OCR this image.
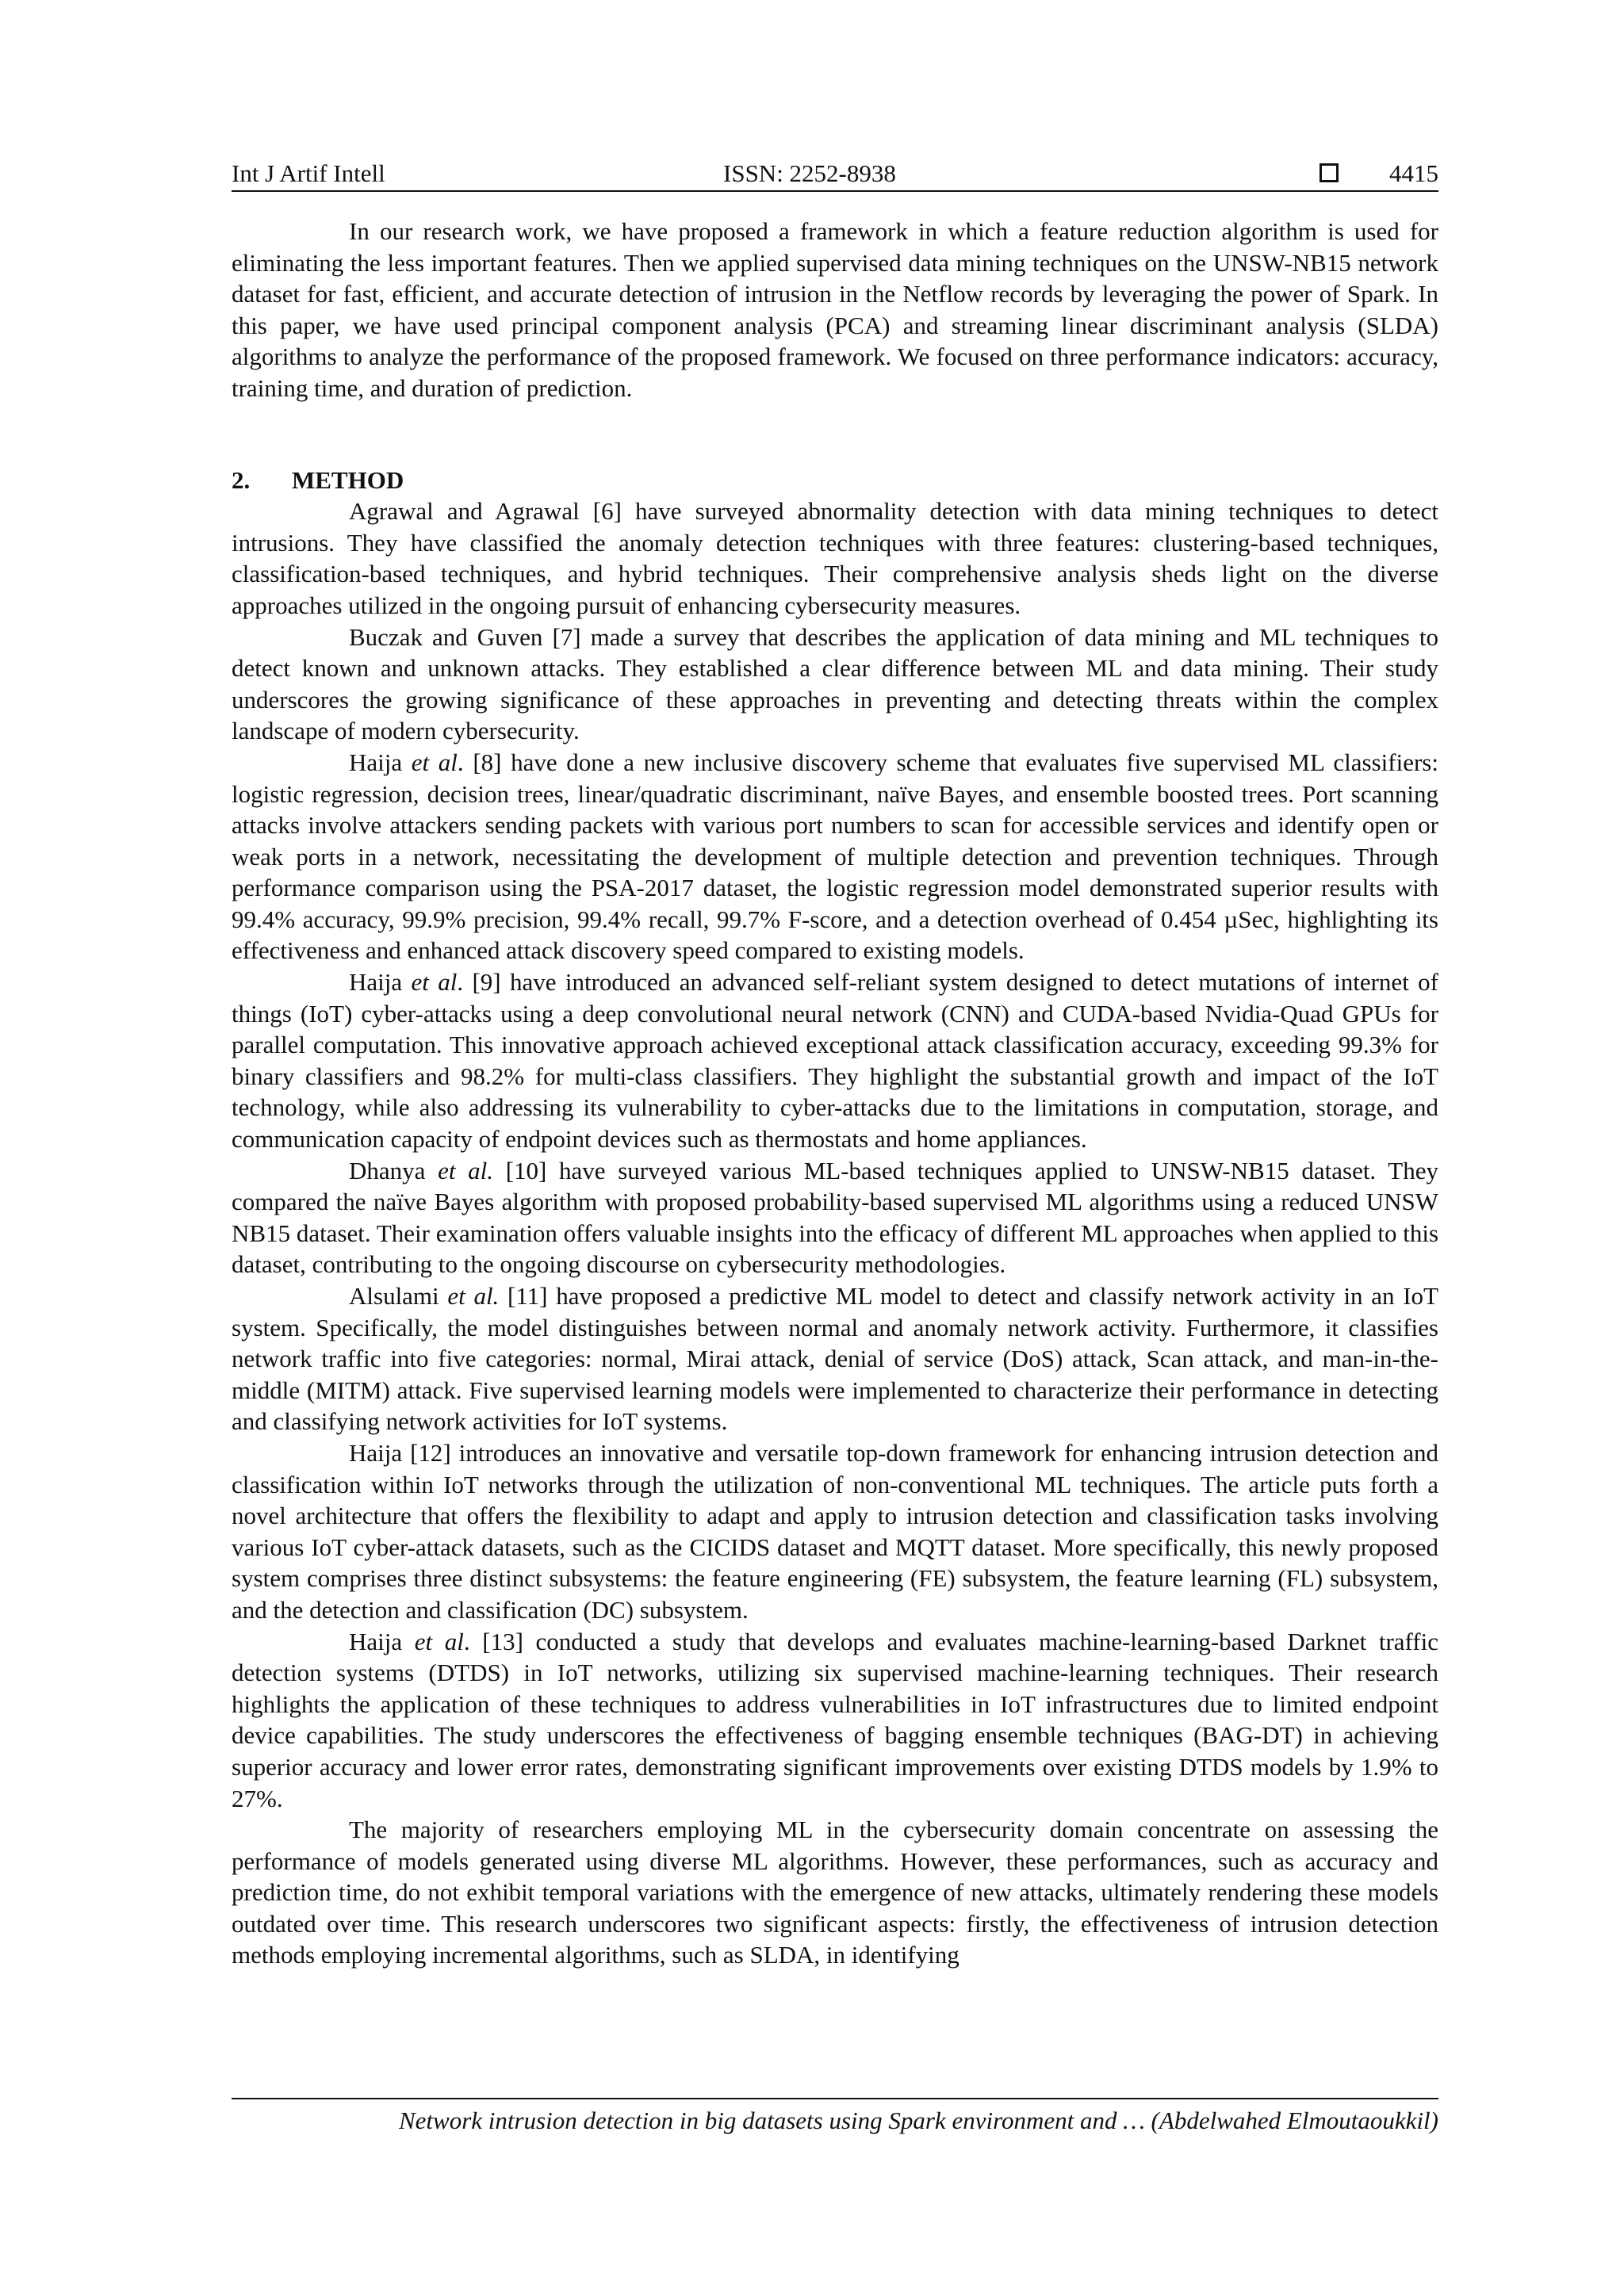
Int J Artif Intell	ISSN: 2252-8938	4415

In our research work, we have proposed a framework in which a feature reduction algorithm is used for eliminating the less important features. Then we applied supervised data mining techniques on the UNSW-NB15 network dataset for fast, efficient, and accurate detection of intrusion in the Netflow records by leveraging the power of Spark. In this paper, we have used principal component analysis (PCA) and streaming linear discriminant analysis (SLDA) algorithms to analyze the performance of the proposed framework. We focused on three performance indicators: accuracy, training time, and duration of prediction.

2. METHOD

Agrawal and Agrawal [6] have surveyed abnormality detection with data mining techniques to detect intrusions. They have classified the anomaly detection techniques with three features: clustering-based techniques, classification-based techniques, and hybrid techniques. Their comprehensive analysis sheds light on the diverse approaches utilized in the ongoing pursuit of enhancing cybersecurity measures.

Buczak and Guven [7] made a survey that describes the application of data mining and ML techniques to detect known and unknown attacks. They established a clear difference between ML and data mining. Their study underscores the growing significance of these approaches in preventing and detecting threats within the complex landscape of modern cybersecurity.

Haija et al. [8] have done a new inclusive discovery scheme that evaluates five supervised ML classifiers: logistic regression, decision trees, linear/quadratic discriminant, naïve Bayes, and ensemble boosted trees. Port scanning attacks involve attackers sending packets with various port numbers to scan for accessible services and identify open or weak ports in a network, necessitating the development of multiple detection and prevention techniques. Through performance comparison using the PSA-2017 dataset, the logistic regression model demonstrated superior results with 99.4% accuracy, 99.9% precision, 99.4% recall, 99.7% F-score, and a detection overhead of 0.454 µSec, highlighting its effectiveness and enhanced attack discovery speed compared to existing models.

Haija et al. [9] have introduced an advanced self-reliant system designed to detect mutations of internet of things (IoT) cyber-attacks using a deep convolutional neural network (CNN) and CUDA-based Nvidia-Quad GPUs for parallel computation. This innovative approach achieved exceptional attack classification accuracy, exceeding 99.3% for binary classifiers and 98.2% for multi-class classifiers. They highlight the substantial growth and impact of the IoT technology, while also addressing its vulnerability to cyber-attacks due to the limitations in computation, storage, and communication capacity of endpoint devices such as thermostats and home appliances.

Dhanya et al. [10] have surveyed various ML-based techniques applied to UNSW-NB15 dataset. They compared the naïve Bayes algorithm with proposed probability-based supervised ML algorithms using a reduced UNSW NB15 dataset. Their examination offers valuable insights into the efficacy of different ML approaches when applied to this dataset, contributing to the ongoing discourse on cybersecurity methodologies.

Alsulami et al. [11] have proposed a predictive ML model to detect and classify network activity in an IoT system. Specifically, the model distinguishes between normal and anomaly network activity. Furthermore, it classifies network traffic into five categories: normal, Mirai attack, denial of service (DoS) attack, Scan attack, and man-in-the-middle (MITM) attack. Five supervised learning models were implemented to characterize their performance in detecting and classifying network activities for IoT systems.

Haija [12] introduces an innovative and versatile top-down framework for enhancing intrusion detection and classification within IoT networks through the utilization of non-conventional ML techniques. The article puts forth a novel architecture that offers the flexibility to adapt and apply to intrusion detection and classification tasks involving various IoT cyber-attack datasets, such as the CICIDS dataset and MQTT dataset. More specifically, this newly proposed system comprises three distinct subsystems: the feature engineering (FE) subsystem, the feature learning (FL) subsystem, and the detection and classification (DC) subsystem.

Haija et al. [13] conducted a study that develops and evaluates machine-learning-based Darknet traffic detection systems (DTDS) in IoT networks, utilizing six supervised machine-learning techniques. Their research highlights the application of these techniques to address vulnerabilities in IoT infrastructures due to limited endpoint device capabilities. The study underscores the effectiveness of bagging ensemble techniques (BAG-DT) in achieving superior accuracy and lower error rates, demonstrating significant improvements over existing DTDS models by 1.9% to 27%.

The majority of researchers employing ML in the cybersecurity domain concentrate on assessing the performance of models generated using diverse ML algorithms. However, these performances, such as accuracy and prediction time, do not exhibit temporal variations with the emergence of new attacks, ultimately rendering these models outdated over time. This research underscores two significant aspects: firstly, the effectiveness of intrusion detection methods employing incremental algorithms, such as SLDA, in identifying

Network intrusion detection in big datasets using Spark environment and … (Abdelwahed Elmoutaoukkil)
